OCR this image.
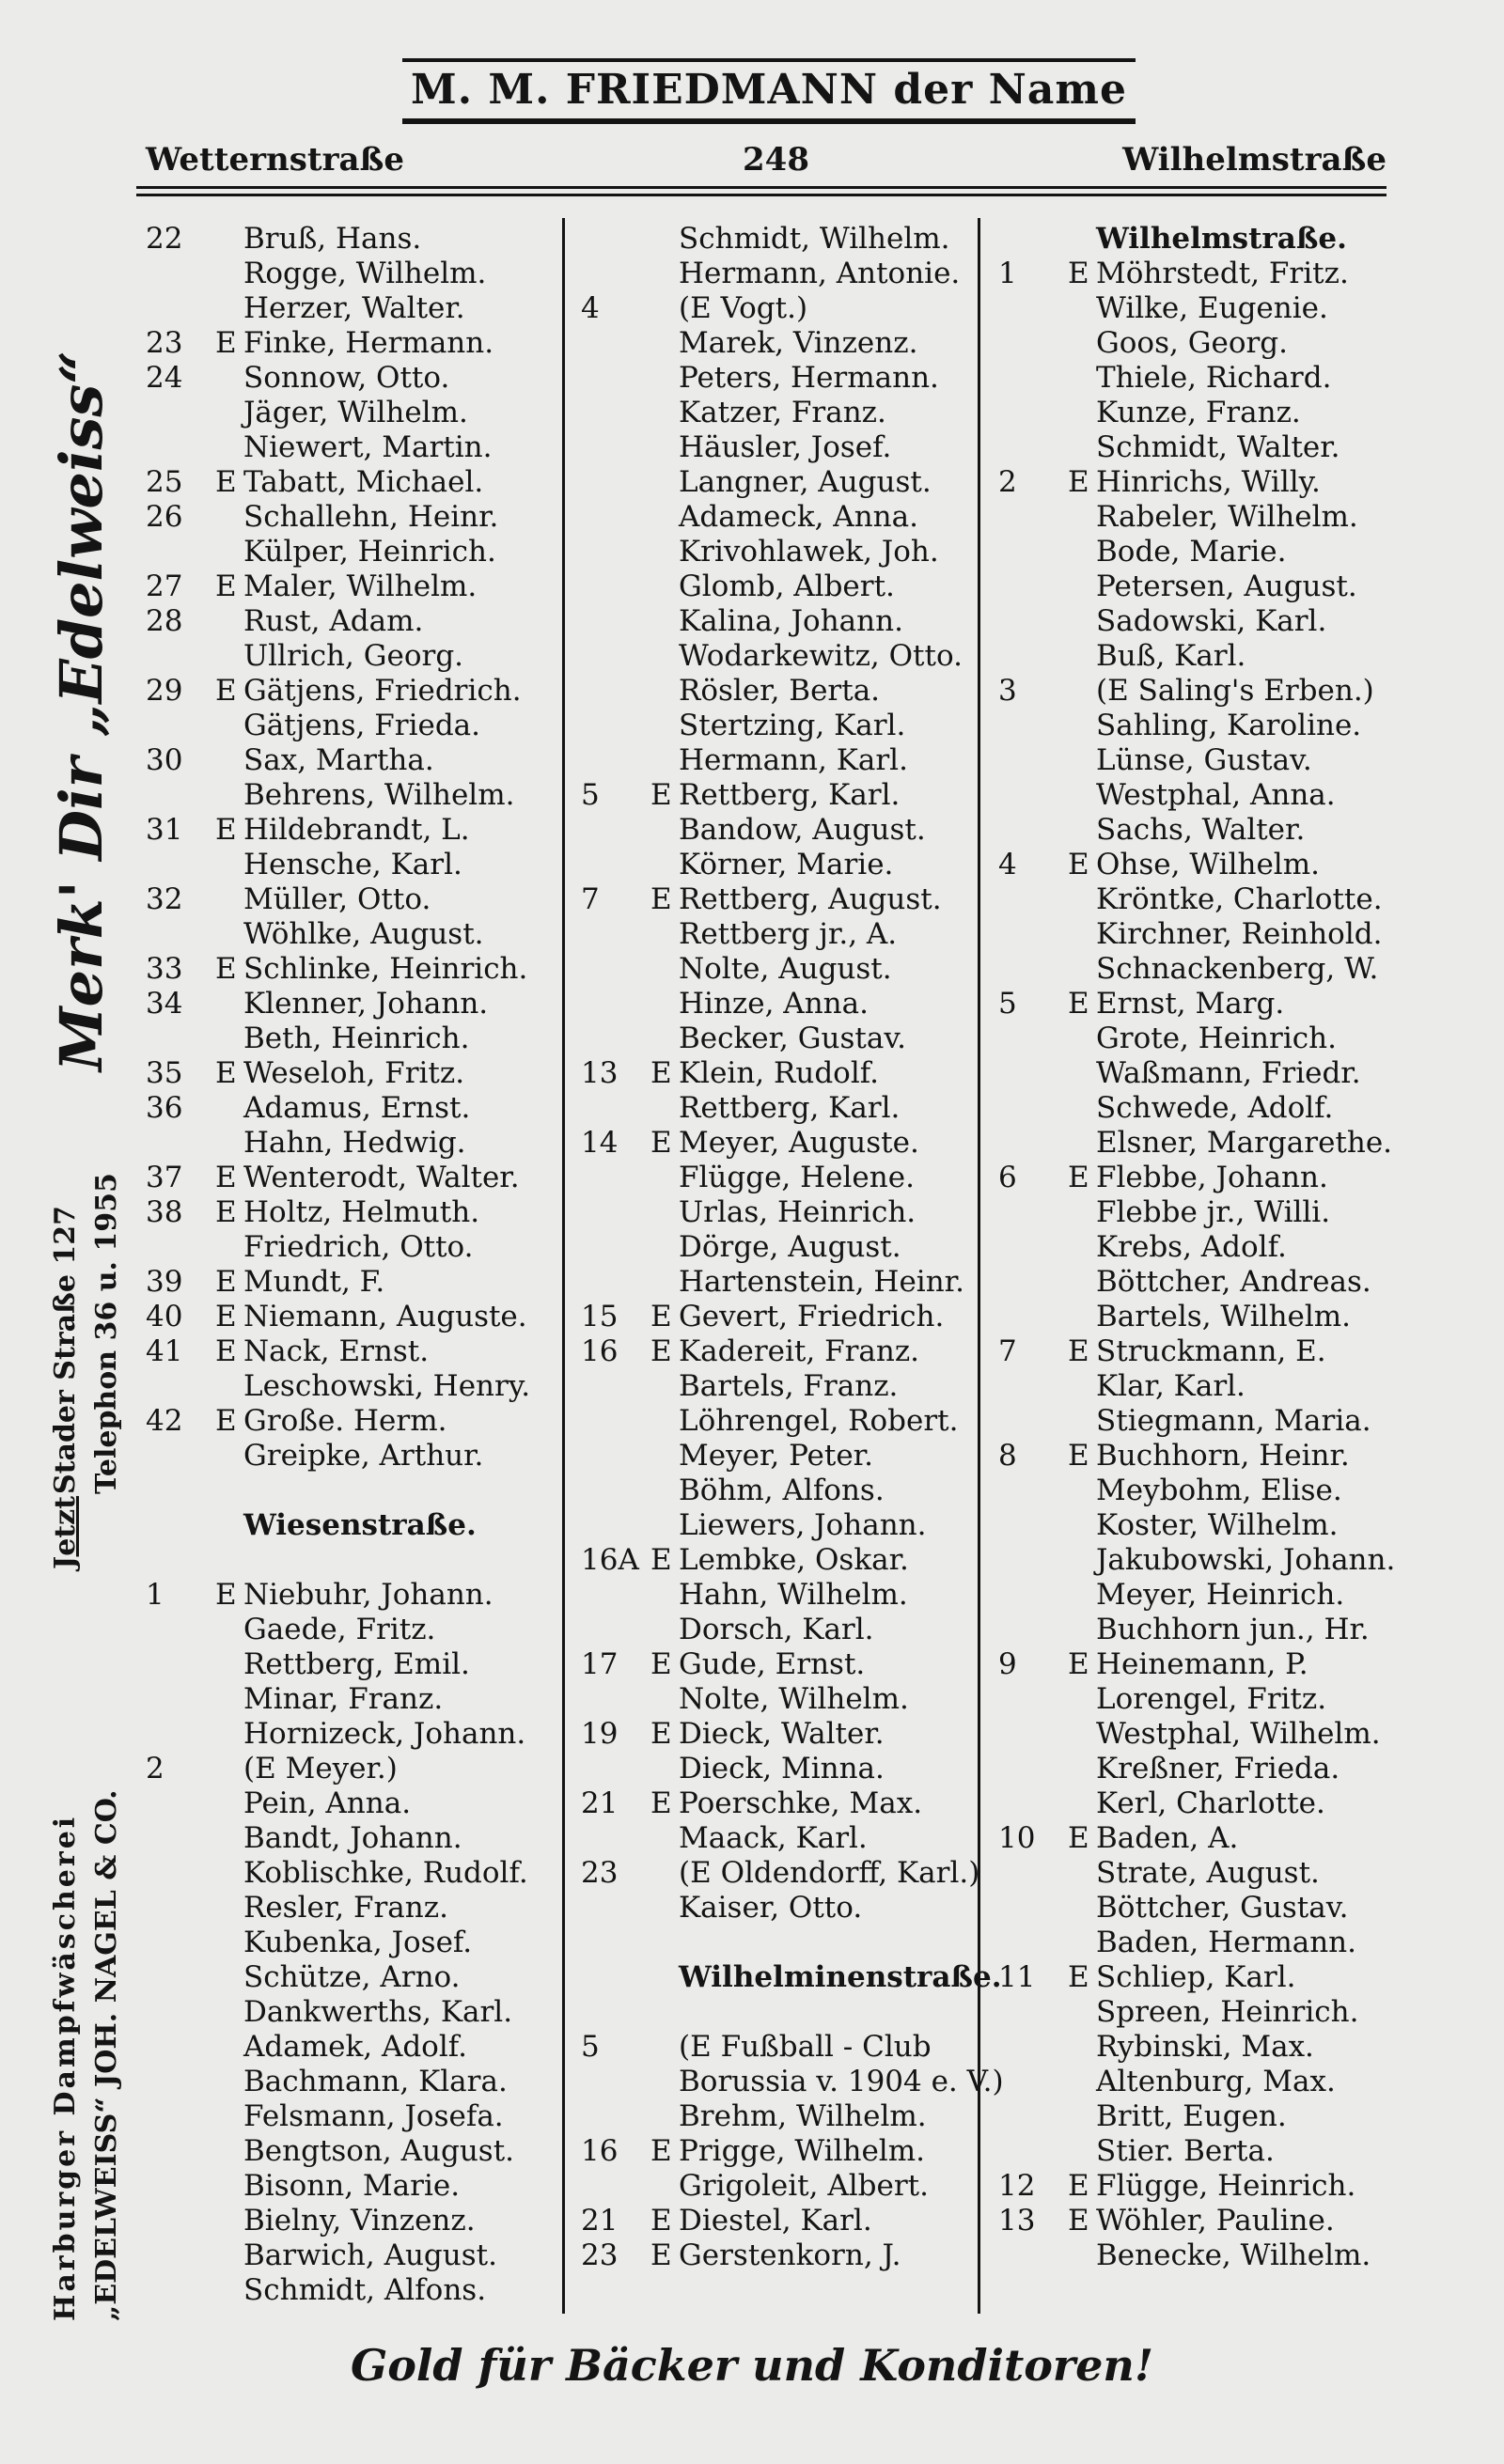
M. M. FRIEDMANN der Name
Wetternstraße	248	Wilhelmstraße
Merk' Dir „Edelweiss“
Stader Straße 127 Telephon 36 u. 1955
Harburger Dampfwäscherei
Jetzt
„EDELWEISS“ JOH. NAGEL & CO.
22	Bruß, Hans.
Rogge, Wilhelm.
Herzer, Walter.
23	E Finke, Hermann.
24	Sonnow, Otto.
Jäger, Wilhelm.
Niewert, Martin.
25	E Tabatt, Michael.
26	Schallehn, Heinr.
Külper, Heinrich.
27	E Maler, Wilhelm.
28	Rust, Adam.
Ullrich, Georg.
29	E Gätjens, Friedrich.
Gätjens, Frieda.
30	Sax, Martha.
Behrens, Wilhelm.
31	E Hildebrandt, L.
Hensche, Karl.
32	Müller, Otto.
Wöhlke, August.
33	E Schlinke, Heinrich.
34	Klenner, Johann.
Beth, Heinrich.
35	E Weseloh, Fritz.
36	Adamus, Ernst.
Hahn, Hedwig.
37	E Wenterodt, Walter.
38	E Holtz, Helmuth.
Friedrich, Otto.
39	E Mundt, F.
40	E Niemann, Auguste.
41	E Nack, Ernst.
Leschowski, Henry.
42	E Große. Herm.
Greipke, Arthur.
Wiesenstraße.
1	E Niebuhr, Johann.
Gaede, Fritz.
Rettberg, Emil.
Minar, Franz.
Hornizeck, Johann.
2	(E Meyer.)
Pein, Anna.
Bandt, Johann.
Koblischke, Rudolf.
Resler, Franz.
Kubenka, Josef.
Schütze, Arno.
Dankwerths, Karl.
Adamek, Adolf.
Bachmann, Klara.
Felsmann, Josefa.
Bengtson, August.
Bisonn, Marie.
Bielny, Vinzenz.
Barwich, August.
Schmidt, Alfons.
Schmidt, Wilhelm.
Hermann, Antonie.
4	(E Vogt.)
Marek, Vinzenz.
Peters, Hermann.
Katzer, Franz.
Häusler, Josef.
Langner, August.
Adameck, Anna.
Krivohlawek, Joh.
Glomb, Albert.
Kalina, Johann.
Wodarkewitz, Otto.
Rösler, Berta.
Stertzing, Karl.
Hermann, Karl.
5	E Rettberg, Karl.
Bandow, August.
Körner, Marie.
7	E Rettberg, August.
Rettberg jr., A.
Nolte, August.
Hinze, Anna.
Becker, Gustav.
13	E Klein, Rudolf.
Rettberg, Karl.
14	E Meyer, Auguste.
Flügge, Helene.
Urlas, Heinrich.
Dörge, August.
Hartenstein, Heinr.
15	E Gevert, Friedrich.
16	E Kadereit, Franz.
Bartels, Franz.
Löhrengel, Robert.
Meyer, Peter.
Böhm, Alfons.
Liewers, Johann.
16A E Lembke, Oskar.
Hahn, Wilhelm.
Dorsch, Karl.
17	E Gude, Ernst.
Nolte, Wilhelm.
19	E Dieck, Walter.
Dieck, Minna.
21	E Poerschke, Max.
Maack, Karl.
23	(E Oldendorff, Karl.)
Kaiser, Otto.
Wilhelminenstraße.
5	(E Fußball - Club
Borussia v. 1904 e. V.)
Brehm, Wilhelm.
16	E Prigge, Wilhelm.
Grigoleit, Albert.
21	E Diestel, Karl.
23	E Gerstenkorn, J.
Wilhelmstraße.
1	E Möhrstedt, Fritz.
Wilke, Eugenie.
Goos, Georg.
Thiele, Richard.
Kunze, Franz.
Schmidt, Walter.
2	E Hinrichs, Willy.
Rabeler, Wilhelm.
Bode, Marie.
Petersen, August.
Sadowski, Karl.
Buß, Karl.
3	(E Saling's Erben.)
Sahling, Karoline.
Lünse, Gustav.
Westphal, Anna.
Sachs, Walter.
4	E Ohse, Wilhelm.
Kröntke, Charlotte.
Kirchner, Reinhold.
Schnackenberg, W.
5	E Ernst, Marg.
Grote, Heinrich.
Waßmann, Friedr.
Schwede, Adolf.
Elsner, Margarethe.
6	E Flebbe, Johann.
Flebbe jr., Willi.
Krebs, Adolf.
Böttcher, Andreas.
Bartels, Wilhelm.
7	E Struckmann, E.
Klar, Karl.
Stiegmann, Maria.
8	E Buchhorn, Heinr.
Meybohm, Elise.
Koster, Wilhelm.
Jakubowski, Johann.
Meyer, Heinrich.
Buchhorn jun., Hr.
9	E Heinemann, P.
Lorengel, Fritz.
Westphal, Wilhelm.
Kreßner, Frieda.
Kerl, Charlotte.
10	E Baden, A.
Strate, August.
Böttcher, Gustav.
Baden, Hermann.
11	E Schliep, Karl.
Spreen, Heinrich.
Rybinski, Max.
Altenburg, Max.
Britt, Eugen.
Stier. Berta.
12	E Flügge, Heinrich.
13	E Wöhler, Pauline.
Benecke, Wilhelm.
Gold für Bäcker und Konditoren!
